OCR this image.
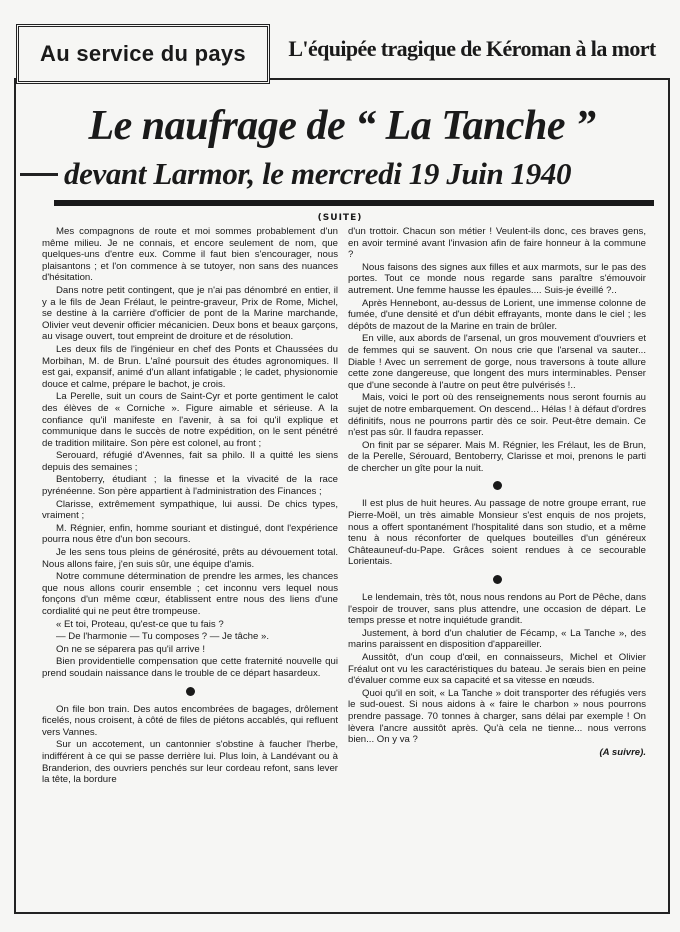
Au service du pays	L'équipée tragique de Kéroman à la mort
Le naufrage de “ La Tanche ”
devant Larmor, le mercredi 19 Juin 1940
(SUITE)

Mes compagnons de route et moi sommes probablement d'un même milieu. Je ne connais, et encore seulement de nom, que quelques-uns d'entre eux. Comme il faut bien s'encourager, nous plaisantons ; et l'on commence à se tutoyer, non sans des nuances d'hésitation.

Dans notre petit contingent, que je n'ai pas dénombré en entier, il y a le fils de Jean Frélaut, le peintre-graveur, Prix de Rome, Michel, se destine à la carrière d'officier de pont de la Marine marchande, Olivier veut devenir officier mécanicien. Deux bons et beaux garçons, au visage ouvert, tout empreint de droiture et de résolution.

Les deux fils de l'ingénieur en chef des Ponts et Chaussées du Morbihan, M. de Brun. L'aîné poursuit des études agronomiques. Il est gai, expansif, animé d'un allant infatigable ; le cadet, physionomie douce et calme, prépare le bachot, je crois.

La Perelle, suit un cours de Saint-Cyr et porte gentiment le calot des élèves de « Corniche ». Figure aimable et sérieuse. A la confiance qu'il manifeste en l'avenir, à sa foi qu'il explique et communique dans le succès de notre expédition, on le sent pénétré de tradition militaire. Son père est colonel, au front ;

Serouard, réfugié d'Avennes, fait sa philo. Il a quitté les siens depuis des semaines ;

Bentoberry, étudiant ; la finesse et la vivacité de la race pyrénéenne. Son père appartient à l'administration des Finances ;

Clarisse, extrêmement sympathique, lui aussi. De chics types, vraiment ;

M. Régnier, enfin, homme souriant et distingué, dont l'expérience pourra nous être d'un bon secours.

Je les sens tous pleins de générosité, prêts au dévouement total. Nous allons faire, j'en suis sûr, une équipe d'amis.

Notre commune détermination de prendre les armes, les chances que nous allons courir ensemble ; cet inconnu vers lequel nous fonçons d'un même cœur, établissent entre nous des liens d'une cordialité qui ne peut être trompeuse.

« Et toi, Proteau, qu'est-ce que tu fais ?

— De l'harmonie — Tu composes ? — Je tâche ».

On ne se séparera pas qu'il arrive !

Bien providentielle compensation que cette fraternité nouvelle qui prend soudain naissance dans le trouble de ce départ hasardeux.

On file bon train. Des autos encombrées de bagages, drôlement ficelés, nous croisent, à côté de files de piétons accablés, qui refluent vers Vannes.

Sur un accotement, un cantonnier s'obstine à faucher l'herbe, indifférent à ce qui se passe derrière lui. Plus loin, à Landévant ou à Branderion, des ouvriers penchés sur leur cordeau refont, sans lever la tête, la bordure

d'un trottoir. Chacun son métier ! Veulent-ils donc, ces braves gens, en avoir terminé avant l'invasion afin de faire honneur à la commune ?

Nous faisons des signes aux filles et aux marmots, sur le pas des portes. Tout ce monde nous regarde sans paraître s'émouvoir autrement. Une femme hausse les épaules.... Suis-je éveillé ?..

Après Hennebont, au-dessus de Lorient, une immense colonne de fumée, d'une densité et d'un débit effrayants, monte dans le ciel ; les dépôts de mazout de la Marine en train de brûler.

En ville, aux abords de l'arsenal, un gros mouvement d'ouvriers et de femmes qui se sauvent. On nous crie que l'arsenal va sauter... Diable ! Avec un serrement de gorge, nous traversons à toute allure cette zone dangereuse, que longent des murs interminables. Penser que d'une seconde à l'autre on peut être pulvérisés !..

Mais, voici le port où des renseignements nous seront fournis au sujet de notre embarquement. On descend... Hélas ! à défaut d'ordres définitifs, nous ne pourrons partir dès ce soir. Peut-être demain. Ce n'est pas sûr. Il faudra repasser.

On finit par se séparer. Mais M. Régnier, les Frélaut, les de Brun, de la Perelle, Sérouard, Bentoberry, Clarisse et moi, prenons le parti de chercher un gîte pour la nuit.

Il est plus de huit heures. Au passage de notre groupe errant, rue Pierre-Moël, un très aimable Monsieur s'est enquis de nos projets, nous a offert spontanément l'hospitalité dans son studio, et a même tenu à nous réconforter de quelques bouteilles d'un généreux Châteauneuf-du-Pape. Grâces soient rendues à ce secourable Lorientais.

Le lendemain, très tôt, nous nous rendons au Port de Pêche, dans l'espoir de trouver, sans plus attendre, une occasion de départ. Le temps presse et notre inquiétude grandit.

Justement, à bord d'un chalutier de Fécamp, « La Tanche », des marins paraissent en disposition d'appareiller.

Aussitôt, d'un coup d'œil, en connaisseurs, Michel et Olivier Fréalut ont vu les caractéristiques du bateau. Je serais bien en peine d'évaluer comme eux sa capacité et sa vitesse en nœuds.

Quoi qu'il en soit, « La Tanche » doit transporter des réfugiés vers le sud-ouest. Si nous aidons à « faire le charbon » nous pourrons prendre passage. 70 tonnes à charger, sans délai par exemple ! On lèvera l'ancre aussitôt après. Qu'à cela ne tienne... nous verrons bien... On y va ?

(A suivre).
